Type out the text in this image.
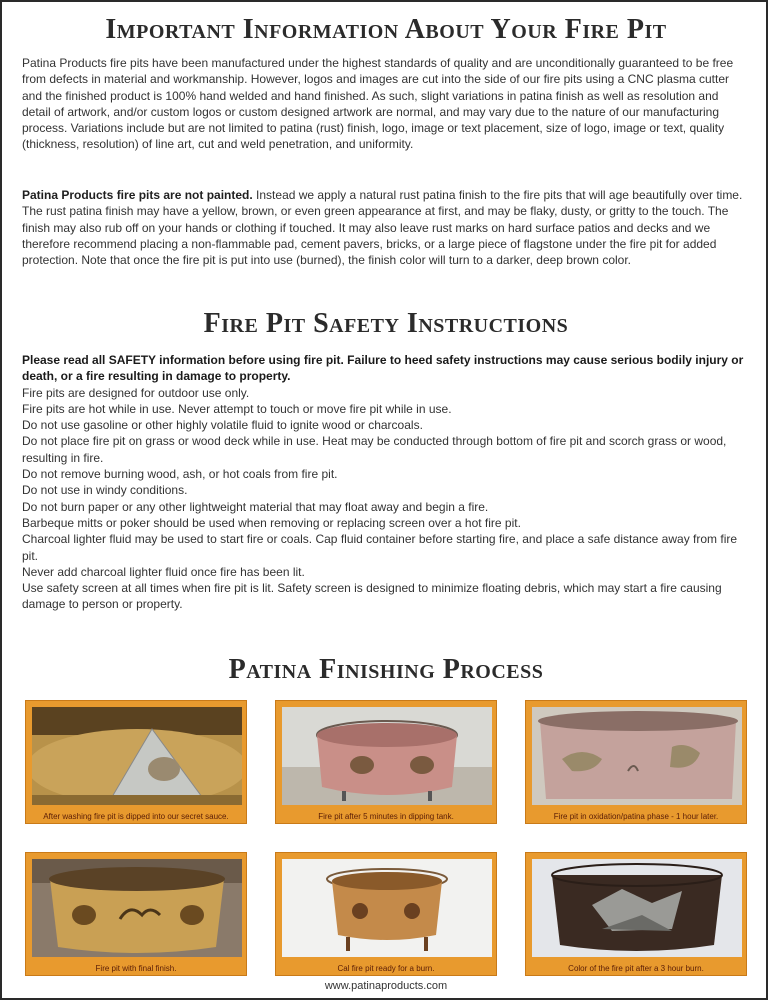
Important Information About Your Fire Pit

Patina Products fire pits have been manufactured under the highest standards of quality and are unconditionally guaranteed to be free from defects in material and workmanship. However, logos and images are cut into the side of our fire pits using a CNC plasma cutter and the finished product is 100% hand welded and hand finished. As such, slight variations in patina finish as well as resolution and detail of artwork, and/or custom logos or custom designed artwork are normal, and may vary due to the nature of our manufacturing process. Variations include but are not limited to patina (rust) finish, logo, image or text placement, size of logo, image or text, quality (thickness, resolution) of line art, cut and weld penetration, and uniformity.

Patina Products fire pits are not painted. Instead we apply a natural rust patina finish to the fire pits that will age beautifully over time. The rust patina finish may have a yellow, brown, or even green appearance at first, and may be flaky, dusty, or gritty to the touch. The finish may also rub off on your hands or clothing if touched. It may also leave rust marks on hard surface patios and decks and we therefore recommend placing a non-flammable pad, cement pavers, bricks, or a large piece of flagstone under the fire pit for added protection. Note that once the fire pit is put into use (burned), the finish color will turn to a darker, deep brown color.

Fire Pit Safety Instructions

Please read all SAFETY information before using fire pit. Failure to heed safety instructions may cause serious bodily injury or death, or a fire resulting in damage to property.

Fire pits are designed for outdoor use only.
Fire pits are hot while in use. Never attempt to touch or move fire pit while in use.
Do not use gasoline or other highly volatile fluid to ignite wood or charcoals.
Do not place fire pit on grass or wood deck while in use. Heat may be conducted through bottom of fire pit and scorch grass or wood, resulting in fire.
Do not remove burning wood, ash, or hot coals from fire pit.
Do not use in windy conditions.
Do not burn paper or any other lightweight material that may float away and begin a fire.
Barbeque mitts or poker should be used when removing or replacing screen over a hot fire pit.
Charcoal lighter fluid may be used to start fire or coals. Cap fluid container before starting fire, and place a safe distance away from fire pit.
Never add charcoal lighter fluid once fire has been lit.
Use safety screen at all times when fire pit is lit. Safety screen is designed to minimize floating debris, which may start a fire causing damage to person or property.
Patina Finishing Process
After washing fire pit is dipped into our secret sauce.	Fire pit after 5 minutes in dipping tank.	Fire pit in oxidation/patina phase - 1 hour later.
Fire pit with final finish.	Cal fire pit ready for a burn.	Color of the fire pit after a 3 hour burn.
www.patinaproducts.com
